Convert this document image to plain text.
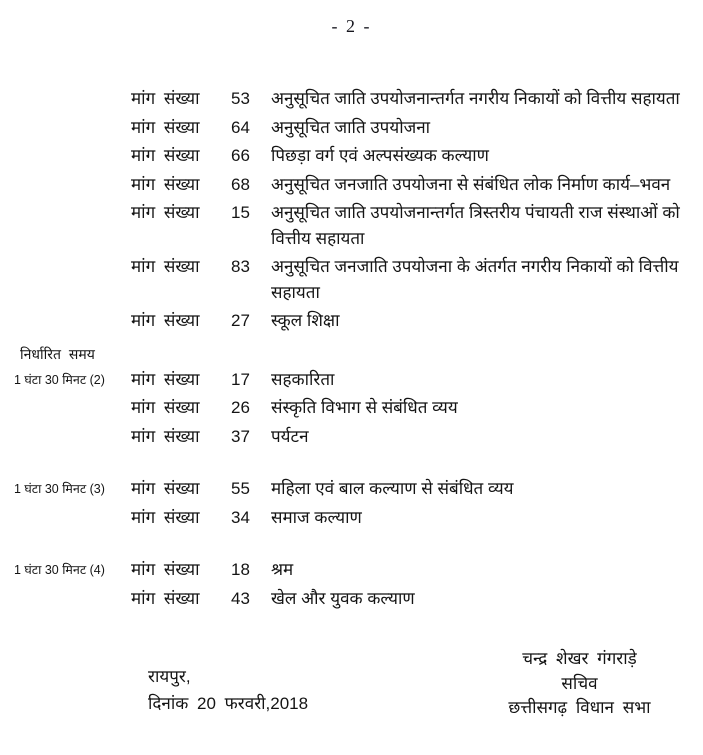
- 2 -
मांग संख्या	53	अनुसूचित जाति उपयोजनान्तर्गत नगरीय निकायों को वित्तीय सहायता
मांग संख्या	64	अनुसूचित जाति उपयोजना
मांग संख्या	66	पिछड़ा वर्ग एवं अल्पसंख्यक कल्याण
मांग संख्या	68	अनुसूचित जनजाति उपयोजना से संबंधित लोक निर्माण कार्य–भवन
मांग संख्या	15	अनुसूचित जाति उपयोजनान्तर्गत त्रिस्तरीय पंचायती राज संस्थाओं को वित्तीय सहायता
मांग संख्या	83	अनुसूचित जनजाति उपयोजना के अंतर्गत नगरीय निकायों को वित्तीय सहायता
मांग संख्या	27	स्कूल शिक्षा
निर्धारित समय
1 घंटा 30 मिनट (2)	मांग संख्या	17	सहकारिता
मांग संख्या	26	संस्कृति विभाग से संबंधित व्यय
मांग संख्या	37	पर्यटन
1 घंटा 30 मिनट (3)	मांग संख्या	55	महिला एवं बाल कल्याण से संबंधित व्यय
मांग संख्या	34	समाज कल्याण
1 घंटा 30 मिनट (4)	मांग संख्या	18	श्रम
मांग संख्या	43	खेल और युवक कल्याण
रायपुर,
दिनांक 20 फरवरी,2018
चन्द्र शेखर गंगराड़े
सचिव
छत्तीसगढ़ विधान सभा
